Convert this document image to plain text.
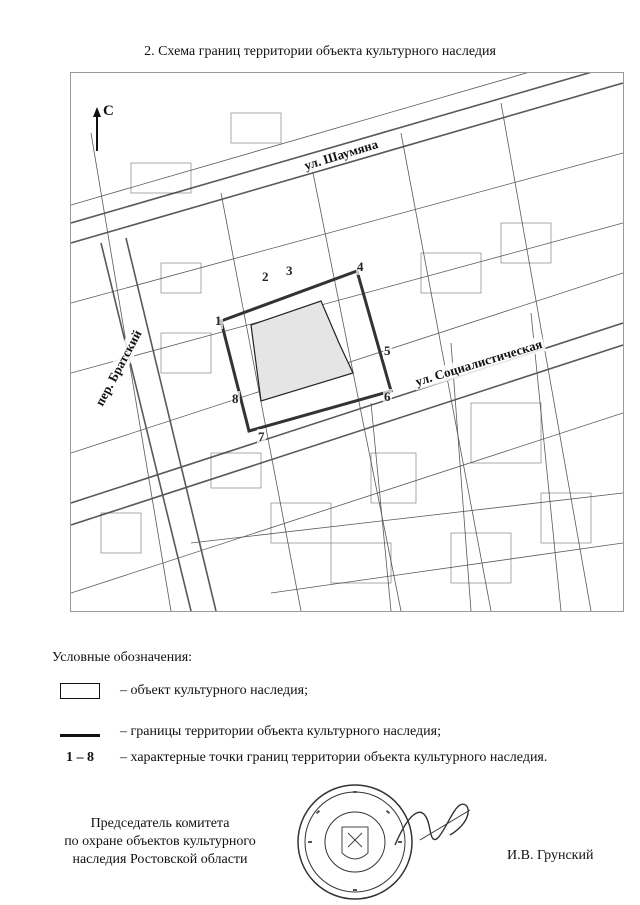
2. Схема границ территории объекта культурного наследия
С
ул. Шаумяна
ул. Социалистическая
пер. Братский
1
2 3	4
5
6
7
8
Условные обозначения:
– объект культурного наследия;
– границы территории объекта культурного наследия;
1 – 8 – характерные точки границ территории объекта культурного наследия.
Председатель комитета
по охране объектов культурного
наследия Ростовской области	И.В. Грунский
